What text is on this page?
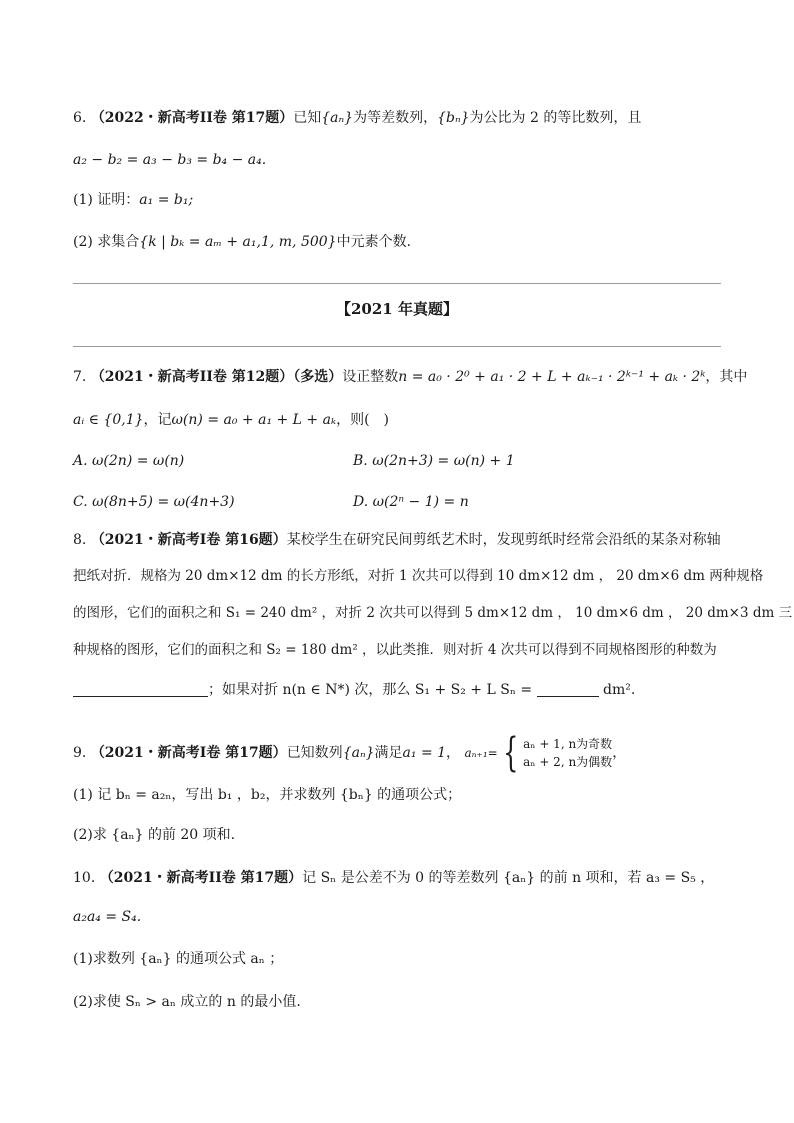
6. （2022・新高考II卷 第17题）已知{aₙ}为等差数列，{bₙ}为公比为 2 的等比数列，且
a₂ − b₂ = a₃ − b₃ = b₄ − a₄.
(1) 证明：a₁ = b₁;
(2) 求集合{k | bₖ = aₘ + a₁,1, m, 500}中元素个数.
【2021 年真题】
7. （2021・新高考II卷 第12题）（多选）设正整数n = a₀ · 2⁰ + a₁ · 2 + L + aₖ₋₁ · 2ᵏ⁻¹ + aₖ · 2ᵏ，其中
aᵢ ∈ {0,1}，记ω(n) = a₀ + a₁ + L + aₖ，则(　)
A. ω(2n) = ω(n)	B. ω(2n+3) = ω(n) + 1
C. ω(8n+5) = ω(4n+3)	D. ω(2ⁿ − 1) = n
8. （2021・新高考I卷 第16题）某校学生在研究民间剪纸艺术时，发现剪纸时经常会沿纸的某条对称轴
把纸对折．规格为 20 dm×12 dm 的长方形纸，对折 1 次共可以得到 10 dm×12 dm ， 20 dm×6 dm 两种规格
的图形，它们的面积之和 S₁ = 240 dm² ，对折 2 次共可以得到 5 dm×12 dm ， 10 dm×6 dm ， 20 dm×3 dm 三
种规格的图形，它们的面积之和 S₂ = 180 dm² ，以此类推．则对折 4 次共可以得到不同规格图形的种数为
；如果对折 n(n ∈ N*) 次，那么 S₁ + S₂ + L Sₙ =	dm².
9. （2021・新高考I卷 第17题）已知数列{aₙ}满足a₁ = 1， aₙ₊₁= { aₙ + 1, n为奇数
aₙ + 2, n为偶数
，
(1) 记 bₙ = a₂ₙ，写出 b₁ ，b₂，并求数列 {bₙ} 的通项公式；
(2)求 {aₙ} 的前 20 项和.
10. （2021・新高考II卷 第17题）记 Sₙ 是公差不为 0 的等差数列 {aₙ} 的前 n 项和，若 a₃ = S₅ ，
a₂a₄ = S₄.
(1)求数列 {aₙ} 的通项公式 aₙ ；
(2)求使 Sₙ > aₙ 成立的 n 的最小值.
